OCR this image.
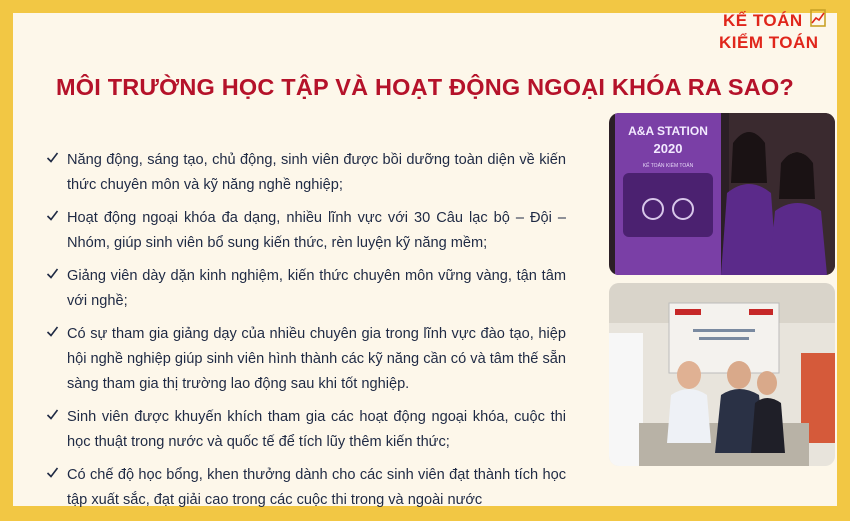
KẾ TOÁN
KIỂM TOÁN
MÔI TRƯỜNG HỌC TẬP VÀ HOẠT ĐỘNG NGOẠI KHÓA RA SAO?
Năng động, sáng tạo, chủ động, sinh viên được bồi dưỡng toàn diện về kiến thức chuyên môn và kỹ năng nghề nghiệp;
Hoạt động ngoại khóa đa dạng, nhiều lĩnh vực với 30 Câu lạc bộ – Đội – Nhóm, giúp sinh viên bổ sung kiến thức, rèn luyện kỹ năng mềm;
Giảng viên dày dặn kinh nghiệm, kiến thức chuyên môn vững vàng, tận tâm với nghề;
Có sự tham gia giảng dạy của nhiều chuyên gia trong lĩnh vực đào tạo, hiệp hội nghề nghiệp giúp sinh viên hình thành các kỹ năng cần có và tâm thế sẵn sàng tham gia thị trường lao động sau khi tốt nghiệp.
Sinh viên được khuyến khích tham gia các hoạt động ngoại khóa, cuộc thi học thuật trong nước và quốc tế để tích lũy thêm kiến thức;
Có chế độ học bổng, khen thưởng dành cho các sinh viên đạt thành tích học tập xuất sắc, đạt giải cao trong các cuộc thi trong và ngoài nước
A&A STATION
2020
KẾ TOÁN KIỂM TOÁN
